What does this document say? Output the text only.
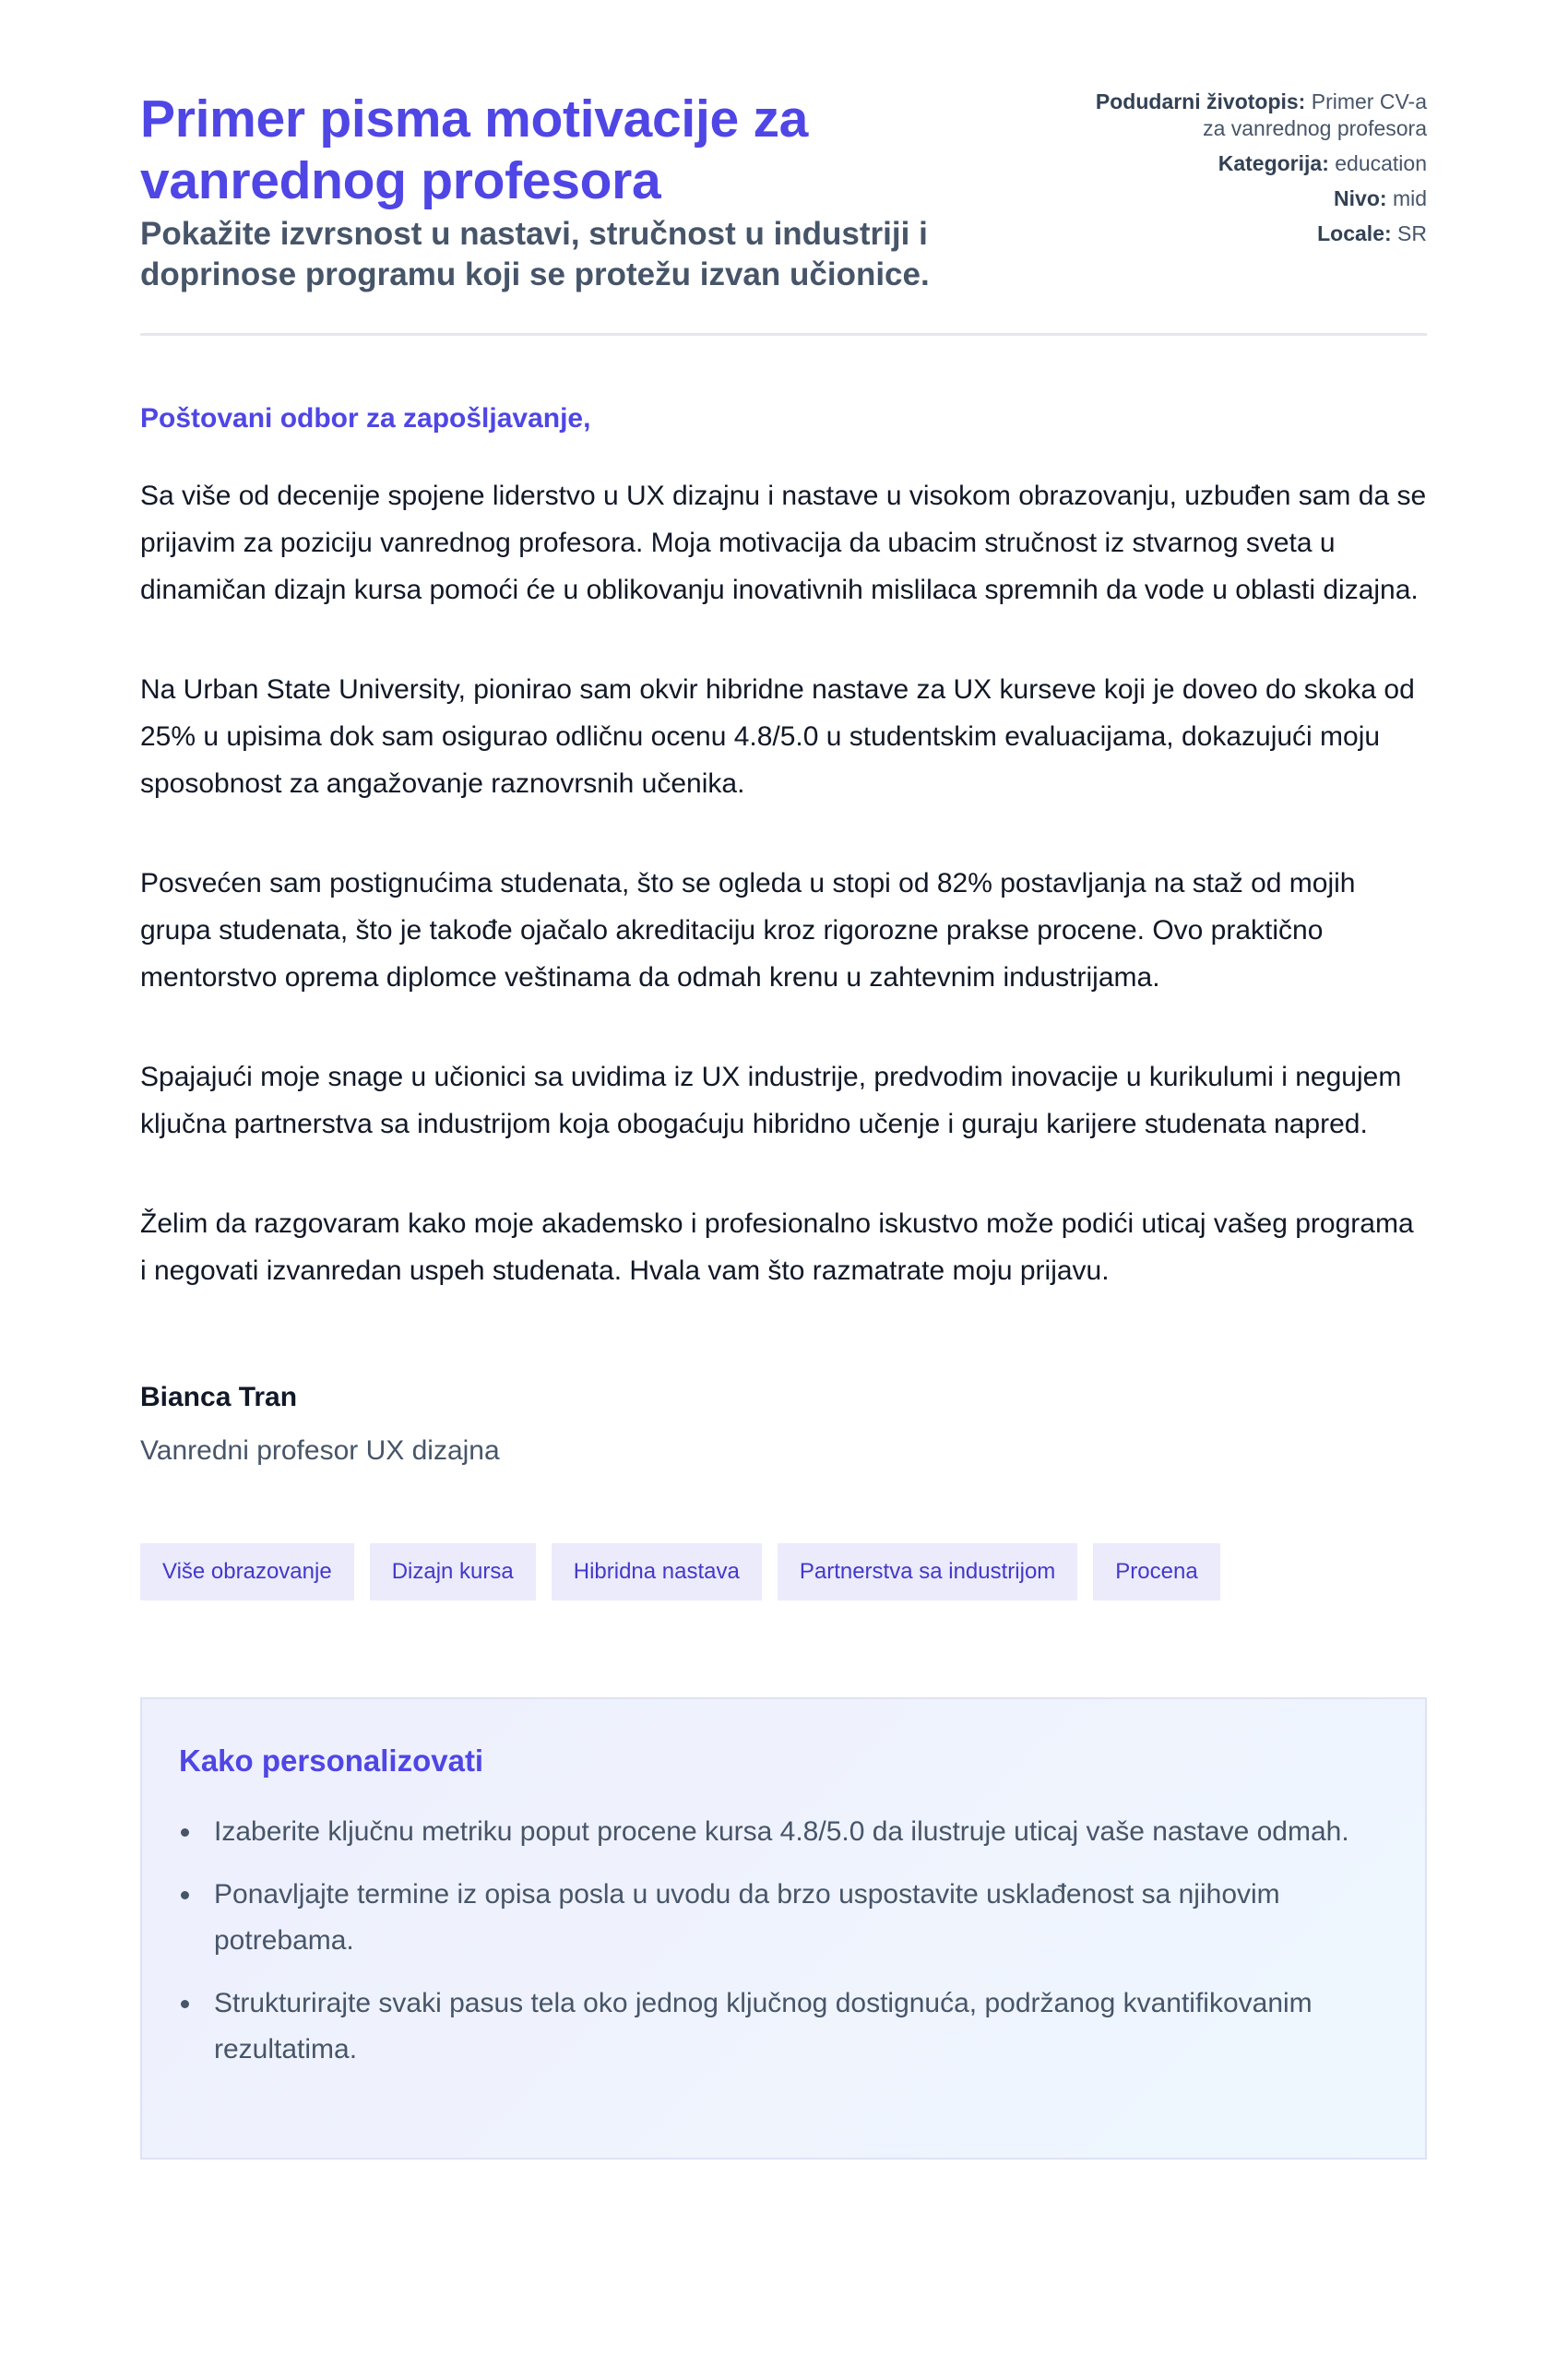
Primer pisma motivacije za vanrednog profesora

Pokažite izvrsnost u nastavi, stručnost u industriji i doprinose programu koji se protežu izvan učionice.

Podudarni životopis: Primer CV-a za vanrednog profesora
Kategorija: education
Nivo: mid
Locale: SR

Poštovani odbor za zapošljavanje,

Sa više od decenije spojene liderstvo u UX dizajnu i nastave u visokom obrazovanju, uzbuđen sam da se prijavim za poziciju vanrednog profesora. Moja motivacija da ubacim stručnost iz stvarnog sveta u dinamičan dizajn kursa pomoći će u oblikovanju inovativnih mislilaca spremnih da vode u oblasti dizajna.

Na Urban State University, pionirao sam okvir hibridne nastave za UX kurseve koji je doveo do skoka od 25% u upisima dok sam osigurao odličnu ocenu 4.8/5.0 u studentskim evaluacijama, dokazujući moju sposobnost za angažovanje raznovrsnih učenika.

Posvećen sam postignućima studenata, što se ogleda u stopi od 82% postavljanja na staž od mojih grupa studenata, što je takođe ojačalo akreditaciju kroz rigorozne prakse procene. Ovo praktično mentorstvo oprema diplomce veštinama da odmah krenu u zahtevnim industrijama.

Spajajući moje snage u učionici sa uvidima iz UX industrije, predvodim inovacije u kurikulumi i negujem ključna partnerstva sa industrijom koja obogaćuju hibridno učenje i guraju karijere studenata napred.

Želim da razgovaram kako moje akademsko i profesionalno iskustvo može podići uticaj vašeg programa i negovati izvanredan uspeh studenata. Hvala vam što razmatrate moju prijavu.

Bianca Tran

Vanredni profesor UX dizajna

Više obrazovanje	Dizajn kursa	Hibridna nastava	Partnerstva sa industrijom	Procena
Kako personalizovati
Izaberite ključnu metriku poput procene kursa 4.8/5.0 da ilustruje uticaj vaše nastave odmah.
Ponavljajte termine iz opisa posla u uvodu da brzo uspostavite usklađenost sa njihovim potrebama.
Strukturirajte svaki pasus tela oko jednog ključnog dostignuća, podržanog kvantifikovanim rezultatima.
